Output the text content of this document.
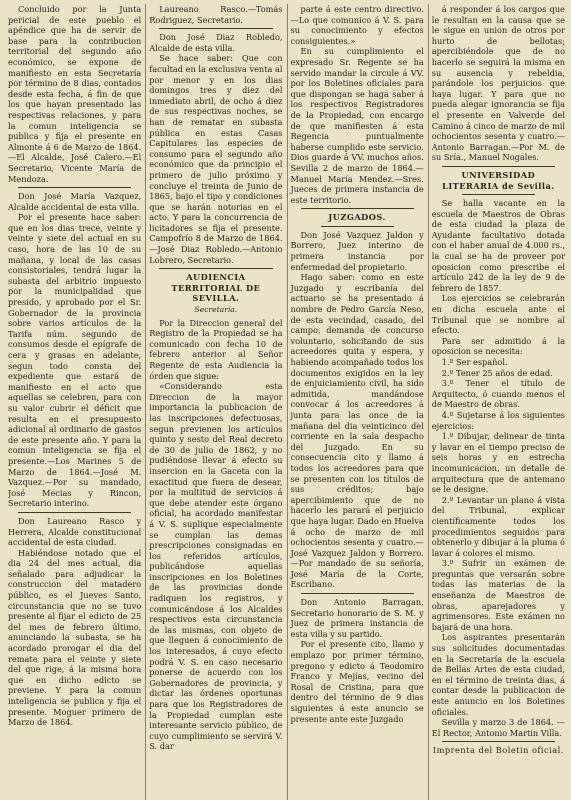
Concluido por la Junta pericial de este pueblo el apéndice que ha de servir de base para la contribucion territorial del segundo año económico, se expone de manifiesto en esta Secretaría por término de 8 dias, contados desde esta fecha, á fin de que los que hayan presentado las respectivas relaciones, y para la comun inteligencia se publica y fija el presente en Almonte á 6 de Marzo de 1864.—El Alcalde, José Calero.—El Secretario, Vicente María de Mendoza.

Don José María Vazquez, Alcalde accidental de esta villa.

Por el presente hace saber: que en los dias trece, veinte y veinte y siete del actual en su caso, hora de las 10 de su mañana, y local de las casas consistoriales, tendrá lugar la subasta del arbitrio impuesto por la municipalidad que presido, y aprobado por el Sr. Gobernador de la provincia sobre varios artículos de la Tarifa núm. segundo de consumos desde el epígrafe de cera y grasas en adelante, segun todo consta del expediente que estará de manifiesto en el acto que aquellas se celebren, para con su valor cubrir el déficit que resulta en el presupuesto adicional al ordinario de gastos de este presente año. Y para la comun inteligencia se fija el presente.—Los Marines 5 de Marzo de 1864.—José M. Vazquez.—Por su mandado, José Mecias y Rincon, Secretario interino.

Don Laureano Rasco y Herrera, Alcalde constitucional accidental de esta ciudad.

Habiéndose notado que el dia 24 del mes actual, dia señalado para adjudicar la construccion del matadero público, es el Jueves Santo, circunstancia que no se tuvo presente al fijar el edicto de 25 del mes de febrero último, anunciando la subasta, se ha acordado prorogar el dia del remate para el veinte y siete del que rige, á la misma hora que en dicho edicto se previene. Y para la comun inteligencia se publica y fija el presente. Moguer primero de Marzo de 1864.

Laureano Rasco.—Tomás Rodriguez, Secretario.

Don José Diaz Robledo, Alcalde de esta villa.

Se hace saber: Que con facultad en la exclusiva venta al por menor y en los dias domingos tres y diez del inmediato abril, de ocho á diez de sus respectivas noches, se han de rematar en subasta pública en estas Casas Capitulares las especies de consumo para el segundo año económico que da principio el primero de julio próximo y concluye el treinta de Junio de 1865, bajo el tipo y condiciones que se harán notorias en el acto. Y para la concurrencia de licitadores se fija el presente. Campofrío 8 de Marzo de 1864.—José Diaz Robledo.—Antonio Lobrero, Secretario.

AUDIENCIA TERRITORIAL DE SEVILLA.

Secretaría.

Por la Direccion general del Registro de la Propiedad se ha comunicado con fecha 10 de febrero anterior al Señor Regente de esta Audiencia la órden que sigue:

«Considerando esta Direccion de la mayor importancia la publicacion de las inscripciones defectuosas, segun previenen los artículos quinto y sesto del Real decreto de 30 de julio de 1862, y no pudiéndose llevar á efecto su insercion en la Gaceta con la exactitud que fuera de desear, por la multitud de servicios á que debe atender este órgano oficial, ha acordado manifestar á V. S. suplique especialmente se cumplan las demas prescripciones consignadas en los referidos artículos, publicándose aquellas inscripciones en los Boletines de las provincias donde radiquen los registros, y comunicándose á los Alcaldes respectivos esta circunstancia de las mismas, con objeto de que lleguen á conocimiento de los interesados, á cuyo efecto podrá V. S. en caso necesario ponerse de acuerdo con los Gobernadores de provincia, y dictar las órdenes oportunas para que los Registradores de la Propiedad cumplan este interesante servicio público, de cuyo cumplimiento se servirá V. S. dar

parte á este centro directivo.—Lo que comunico á V. S. para su conocimiento y efectos consiguientes.»

En su cumplimiento el expresado Sr. Regente se ha servido mandar la circule á VV. por los Boletines oficiales para que dispongan se haga saber á los respectivos Registradores de la Propiedad, con encargo de que manifiesten á esta Regencia puntualmente haberse cumplido este servicio. Dios guarde á VV. muchos años. Sevilla 2 de marzo de 1864.—Manuel María Mendez.—Sres. Jueces de primera instancia de este territorio.

JUZGADOS.

Don José Vazquez Jaldon y Borrero, Juez interino de primera instancia por enfermedad del propietario.

Hago saber: como en este Juzgado y escribanía del actuario se ha presentado á nombre de Pedro García Neso, de esta vecindad, casado, del campo, demanda de concurso voluntario, solicitando de sus acreedores quita y espera, y habiendo acompañado todos los documentos exigidos en la ley de enjuiciamiento civil, ha sido admitida, mandándose convocar á los acreedores á junta para las once de la mañana del dia veinticinco del corriente en la sala despacho del Juzgado. En su consecuencia cito y llamo á todos los acreedores para que se presenten con los títulos de sus créditos; bajo apercibimiento que de no hacerlo les parará el perjuicio que haya lugar. Dado en Huelva á ocho de marzo de mil ochocientos sesenta y cuatro.—José Vazquez Jaldon y Borrero.—Por mandado de su señoría, José María de la Corte, Escribano.

Don Antonio Barragan, Secretario honorario de S. M. y Juez de primera instancia de esta villa y su partido.

Por el presente cito, llamo y emplazo por primer término, pregono y edicto á Teodomiro Franco y Mejías, vecino del Rosal de Cristina, para que dentro del término de 9 dias siguientes á este anuncio se presente ante este Juzgado

á responder á los cargos que le resultan en la causa que se le sigue en union de otros por hurto de bellotas; apercibiéndole que de no hacerlo se seguirá la misma en su ausencia y rebeldia, parándole los perjuicios que haya lugar. Y para que no pueda alegar ignorancia se fija el presente en Valverde del Camino á cinco de marzo de mil ochocientos sesenta y cuatro.—Antonio Barragan.—Por M. de su Sría., Manuel Nogales.

UNIVERSIDAD LITERARIA de Sevilla.

Se halla vacante en la escuela de Maestros de Obras de esta ciudad la plaza de Ayudante facultativo dotada con el haber anual de 4.000 rs., la cual se ha de proveer por oposicion como prescribe el artículo 242 de la ley de 9 de febrero de 1857.

Los ejercicios se celebrarán en dicha escuela ante el Tribunal que se nombre al efecto.

Para ser admitido á la oposicion se necesita:

1.º Ser español.

2.º Tener 25 años de edad.

3.º Tener el título de Arquitecto, ó cuando menos el de Maestro de obras.

4.º Sujetarse á los siguientes ejercicios:

1.º Dibujar, delinear de tinta y lavar en el tiempo preciso de seis horas y en estrecha incomunicacion, un detalle de arquitectura que de antemano se le designe.

2.º Levantar un plano á vista del Tribunal, explicar científicamente todos los procedimientos seguidos para obtenerlo y dibujar á la pluma ó lavar á colores el mismo.

3.º Sufrir un exámen de preguntas que versarán sobre todas las materias de la enseñanza de Maestros de obras, aparejadores y agrimensores. Este exámen no bajará de una hora.

Los aspirantes presentarán sus solicitudes documentadas en la Secretaría de la escuela de Bellas Artes de esta ciudad, en el término de treinta dias, á contar desde la publicacion de este anuncio en los Boletines oficiales.

Sevilla y marzo 3 de 1864. —El Rector, Antonio Martin Villa.

Imprenta del Boletin oficial.
